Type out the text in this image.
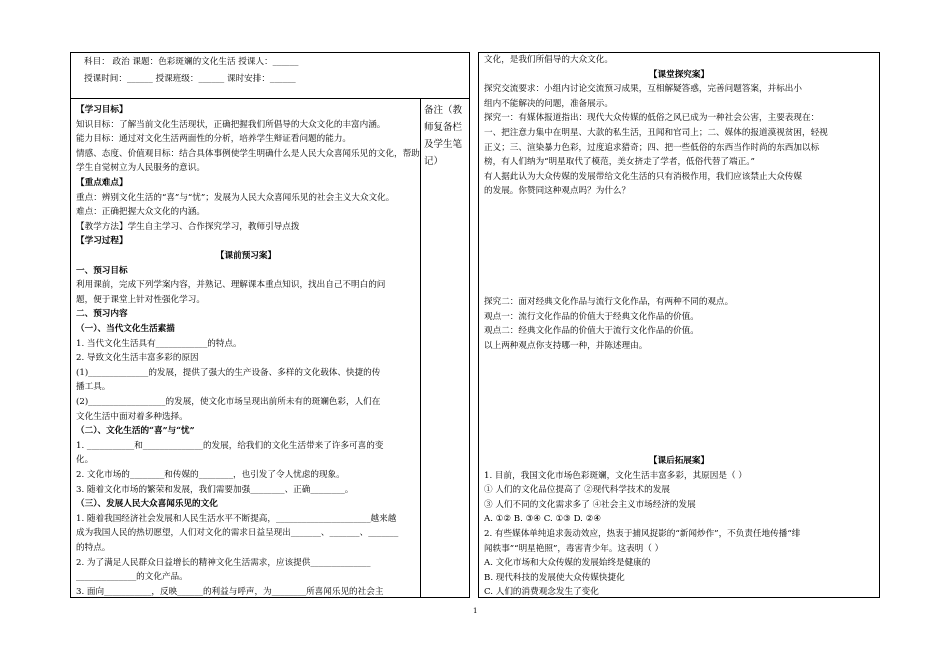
科目： 政治 课题：色彩斑斓的文化生活 授课人：______
授课时间：______ 授课班级：______ 课时安排：______
【学习目标】
知识目标：了解当前文化生活现状，正确把握我们所倡导的大众文化的丰富内涵。
能力目标：通过对文化生活两面性的分析，培养学生辩证看问题的能力。
情感、态度、价值观目标：结合具体事例使学生明确什么是人民大众喜闻乐见的文化，帮助
学生自觉树立为人民服务的意识。
【重点难点】
重点：辨别文化生活的“喜”与“忧”；发展为人民大众喜闻乐见的社会主义大众文化。
难点：正确把握大众文化的内涵。
【教学方法】学生自主学习、合作探究学习，教师引导点拨
【学习过程】
【课前预习案】
一、预习目标
利用课前，完成下列学案内容，并熟记、理解课本重点知识，找出自己不明白的问
题，便于课堂上针对性强化学习。
二、预习内容
（一）、当代文化生活素描
1. 当代文化生活具有____________的特点。
2. 导致文化生活丰富多彩的原因
(1)______________的发展，提供了强大的生产设备、多样的文化载体、快捷的传
播工具。
(2)__________________的发展，使文化市场呈现出前所未有的斑斓色彩，人们在
文化生活中面对着多种选择。
（二）、文化生活的“喜”与“忧”
1. ___________和______________的发展，给我们的文化生活带来了许多可喜的变
化。
2. 文化市场的________和传媒的________，也引发了令人忧虑的现象。
3. 随着文化市场的繁荣和发展，我们需要加强________、正确________。
（三）、发展人民大众喜闻乐见的文化
1. 随着我国经济社会发展和人民生活水平不断提高，______________________越来越
成为我国人民的热切愿望，人们对文化的需求日益呈现出_______、_______、_______
的特点。
2. 为了满足人民群众日益增长的精神文化生活需求，应该提供______________
______________的文化产品。
3. 面向___________，反映______的利益与呼声，为________所喜闻乐见的社会主
备注（教师复备栏及学生笔记）
文化，是我们所倡导的大众文化。
【课堂探究案】
探究交流要求：小组内讨论交流预习成果，互相解疑答惑，完善问题答案，并标出小
组内不能解决的问题，准备展示。
探究一：有媒体报道指出：现代大众传媒的低俗之风已成为一种社会公害，主要表现在：
一、把注意力集中在明星、大款的私生活，丑闻和官司上；二、媒体的报道漠视贫困，轻视
正义；三、渲染暴力色彩，过度追求猎奇；四、把一些低俗的东西当作时尚的东西加以标
榜，有人们纳为“明星取代了模范，美女挤走了学者，低俗代替了端正。”
有人据此认为大众传媒的发展带给文化生活的只有消极作用，我们应该禁止大众传媒
的发展。你赞同这种观点吗？为什么？
探究二：面对经典文化作品与流行文化作品，有两种不同的观点。
观点一：流行文化作品的价值大于经典文化作品的价值。
观点二：经典文化作品的价值大于流行文化作品的价值。
以上两种观点你支持哪一种，并陈述理由。
【课后拓展案】
1. 目前，我国文化市场色彩斑斓，文化生活丰富多彩，其原因是（ ）
① 人们的文化品位提高了 ②现代科学技术的发展
③ 人们不同的文化需求多了 ④社会主义市场经济的发展
A. ①② B. ③④ C. ①③ D. ②④
2. 有些媒体单纯追求轰动效应，热衷于捕风捉影的“新闻炒作”，不负责任地传播“绯
闻轶事”“明星艳照”，毒害青少年。这表明（ ）
A. 文化市场和大众传媒的发展始终是健康的
B. 现代科技的发展使大众传媒快捷化
C. 人们的消费观念发生了变化
1
